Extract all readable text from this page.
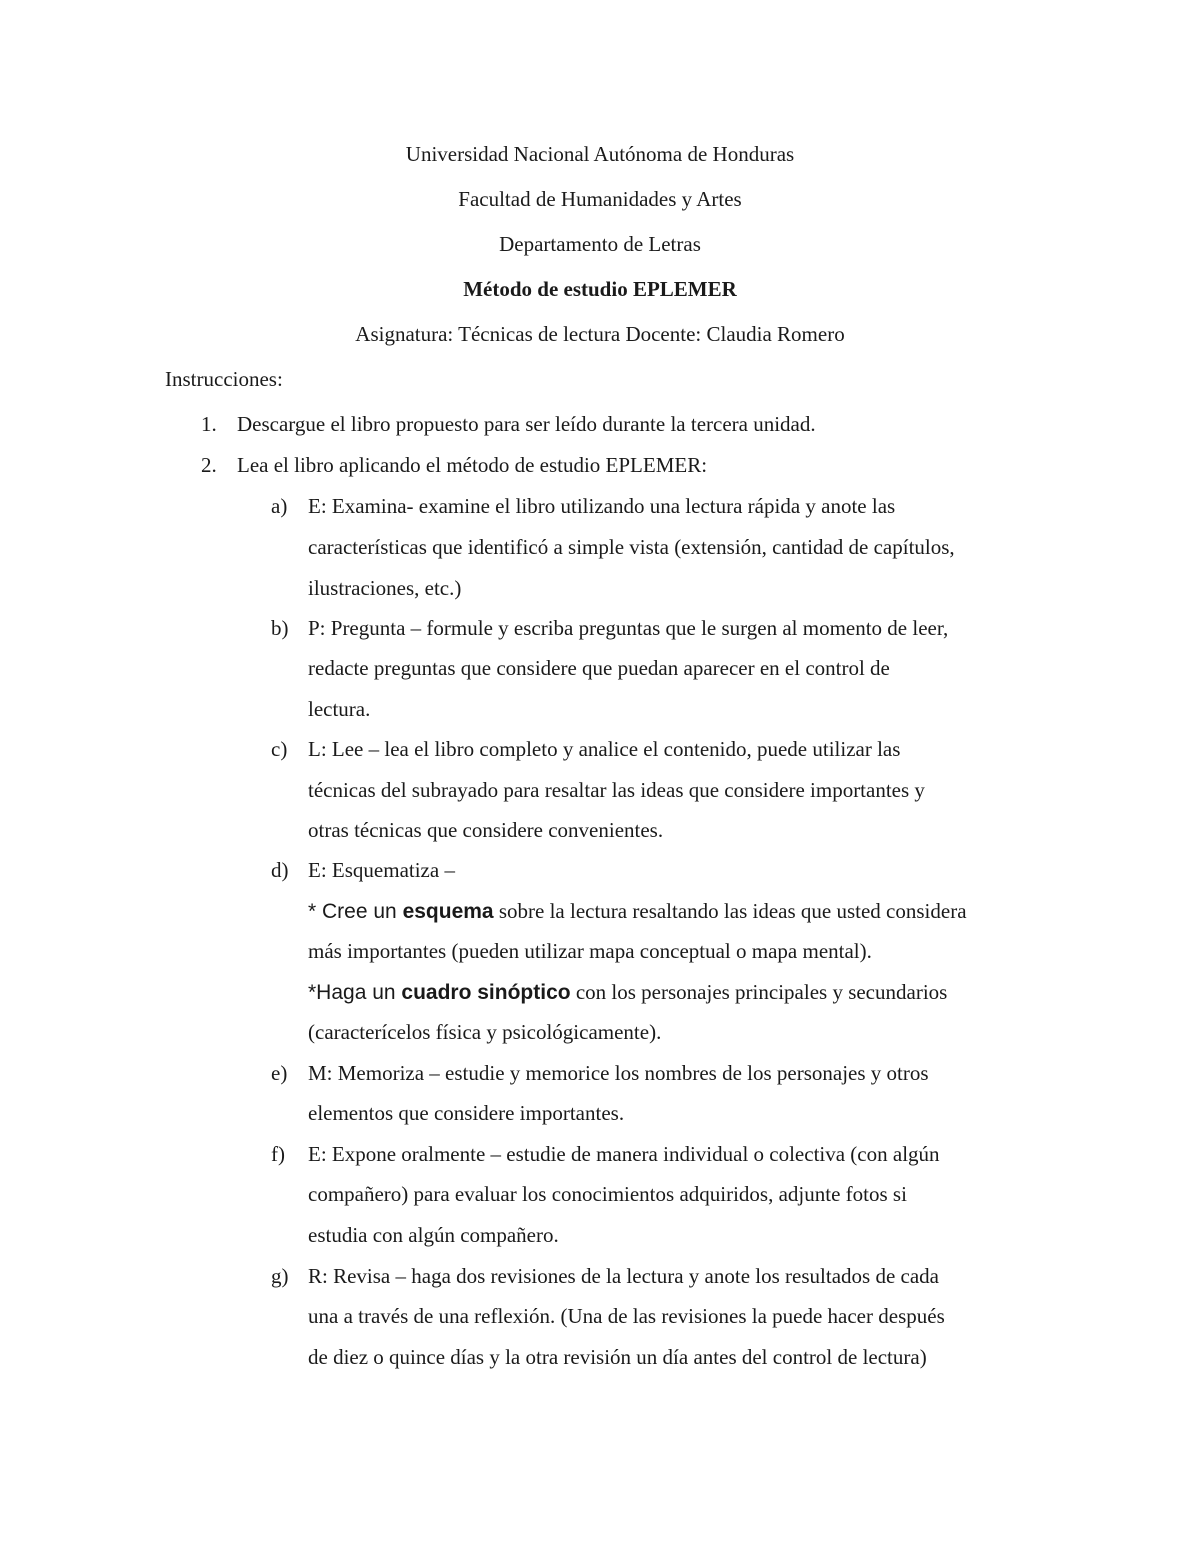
Universidad Nacional Autónoma de Honduras
Facultad de Humanidades y Artes
Departamento de Letras
Método de estudio EPLEMER
Asignatura: Técnicas de lectura Docente: Claudia Romero
Instrucciones:
1. Descargue el libro propuesto para ser leído durante la tercera unidad.
2. Lea el libro aplicando el método de estudio EPLEMER:
a) E: Examina- examine el libro utilizando una lectura rápida y anote las
características que identificó a simple vista (extensión, cantidad de capítulos,
ilustraciones, etc.)
b) P: Pregunta – formule y escriba preguntas que le surgen al momento de leer,
redacte preguntas que considere que puedan aparecer en el control de
lectura.
c) L: Lee – lea el libro completo y analice el contenido, puede utilizar las
técnicas del subrayado para resaltar las ideas que considere importantes y
otras técnicas que considere convenientes.
d) E: Esquematiza –
* Cree un esquema sobre la lectura resaltando las ideas que usted considera
más importantes (pueden utilizar mapa conceptual o mapa mental).
*Haga un cuadro sinóptico con los personajes principales y secundarios
(caracterícelos física y psicológicamente).
e) M: Memoriza – estudie y memorice los nombres de los personajes y otros
elementos que considere importantes.
f) E: Expone oralmente – estudie de manera individual o colectiva (con algún
compañero) para evaluar los conocimientos adquiridos, adjunte fotos si
estudia con algún compañero.
g) R: Revisa – haga dos revisiones de la lectura y anote los resultados de cada
una a través de una reflexión. (Una de las revisiones la puede hacer después
de diez o quince días y la otra revisión un día antes del control de lectura)
